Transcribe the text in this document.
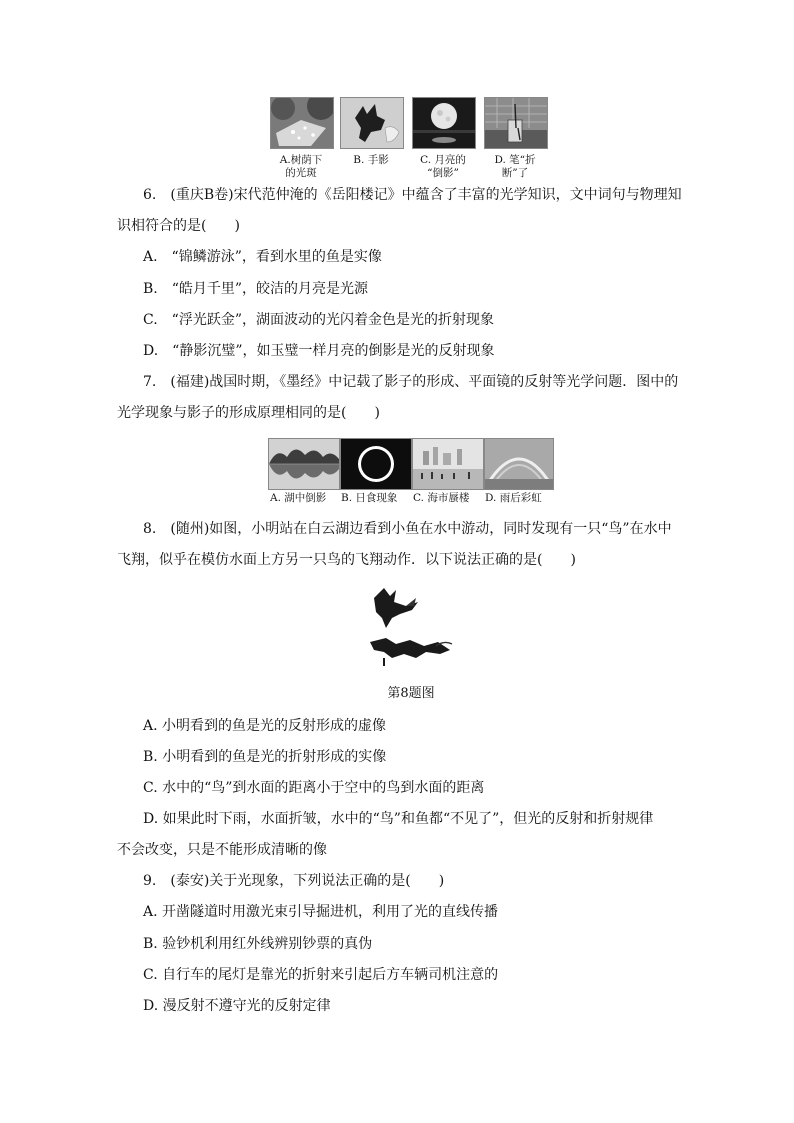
A.树荫下
的光斑
B. 手影	C. 月亮的
“倒影”
D. 笔“折
断”了
6.　(重庆B卷)宋代范仲淹的《岳阳楼记》中蕴含了丰富的光学知识，文中词句与物理知
识相符合的是(　　)
A.　“锦鳞游泳”，看到水里的鱼是实像
B.　“皓月千里”，皎洁的月亮是光源
C.　“浮光跃金”，湖面波动的光闪着金色是光的折射现象
D.　“静影沉璧”，如玉璧一样月亮的倒影是光的反射现象
7.　(福建)战国时期，《墨经》中记载了影子的形成、平面镜的反射等光学问题．图中的
光学现象与影子的形成原理相同的是(　　)
A. 湖中倒影 B. 日食现象 C. 海市蜃楼 D. 雨后彩虹
8.　(随州)如图，小明站在白云湖边看到小鱼在水中游动，同时发现有一只“鸟”在水中
飞翔，似乎在模仿水面上方另一只鸟的飞翔动作．以下说法正确的是(　　)
第8题图
A. 小明看到的鱼是光的反射形成的虚像
B. 小明看到的鱼是光的折射形成的实像
C. 水中的“鸟”到水面的距离小于空中的鸟到水面的距离
D. 如果此时下雨，水面折皱，水中的“鸟”和鱼都“不见了”，但光的反射和折射规律
不会改变，只是不能形成清晰的像
9.　(泰安)关于光现象，下列说法正确的是(　　)
A. 开凿隧道时用激光束引导掘进机，利用了光的直线传播
B. 验钞机利用红外线辨别钞票的真伪
C. 自行车的尾灯是靠光的折射来引起后方车辆司机注意的
D. 漫反射不遵守光的反射定律
